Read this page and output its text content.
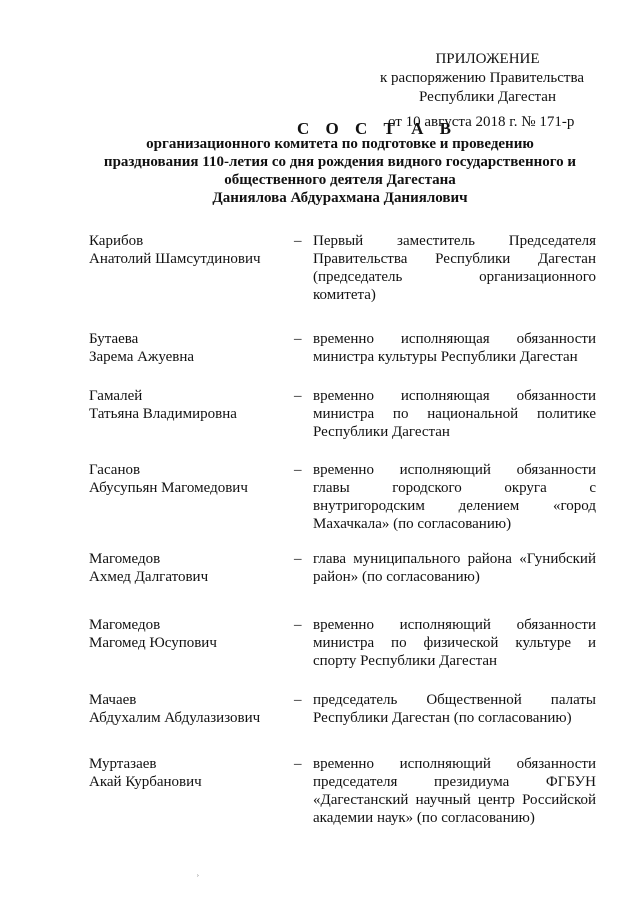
ПРИЛОЖЕНИЕ
к распоряжению Правительства
Республики Дагестан
С О С Т А В
от 10 августа 2018 г. № 171-р
организационного комитета по подготовке и проведению
празднования 110-летия со дня рождения видного государственного и
общественного деятеля Дагестана
Даниялова Абдурахмана Даниялович
Карибов
Анатолий Шамсутдинович
– Первый заместитель Председателя

Правительства Республики Дагестан

(председатель организационного

комитета)

Бутаева
Зарема Ажуевна
– временно исполняющая обязанности

министра культуры Республики Дагестан

Гамалей
Татьяна Владимировна
– временно исполняющая обязанности

министра по национальной политике

Республики Дагестан

Гасанов
Абусупьян Магомедович
– временно исполняющий обязанности

главы городского округа с

внутригородским делением «город

Махачкала» (по согласованию)

Магомедов
Ахмед Далгатович
– глава муниципального района «Гунибский

район» (по согласованию)

Магомедов
Магомед Юсупович
– временно исполняющий обязанности

министра по физической культуре и

спорту Республики Дагестан

Мачаев
Абдухалим Абдулазизович
– председатель Общественной палаты

Республики Дагестан (по согласованию)

Муртазаев
Акай Курбанович
– временно исполняющий обязанности

председателя президиума ФГБУН

«Дагестанский научный центр Российской

академии наук» (по согласованию)

ʾ
